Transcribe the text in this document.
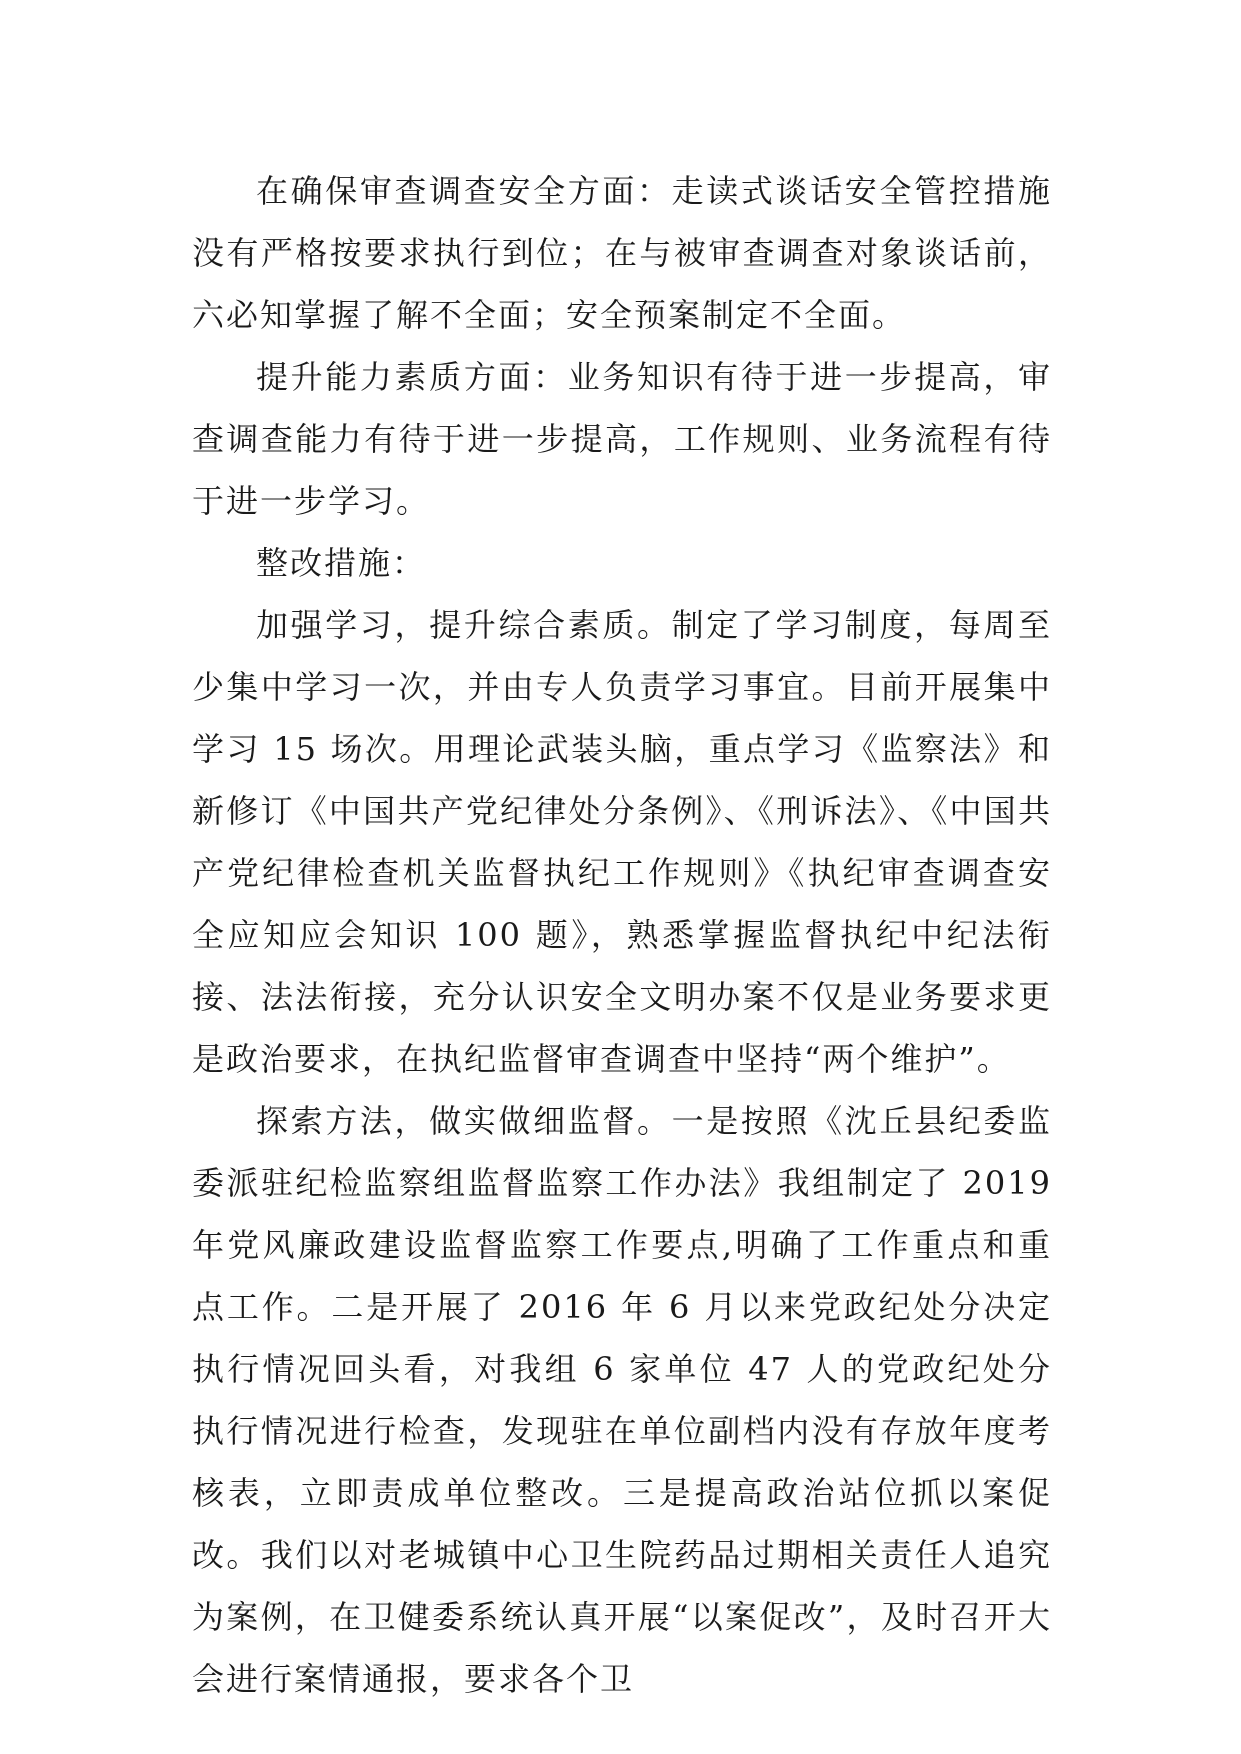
在确保审查调查安全方面：走读式谈话安全管控措施没有严格按要求执行到位；在与被审查调查对象谈话前，六必知掌握了解不全面；安全预案制定不全面。

提升能力素质方面：业务知识有待于进一步提高，审查调查能力有待于进一步提高，工作规则、业务流程有待于进一步学习。

整改措施：

加强学习，提升综合素质。制定了学习制度，每周至少集中学习一次，并由专人负责学习事宜。目前开展集中学习 15 场次。用理论武装头脑，重点学习《监察法》和新修订《中国共产党纪律处分条例》、《刑诉法》、《中国共产党纪律检查机关监督执纪工作规则》《执纪审查调查安全应知应会知识 100 题》，熟悉掌握监督执纪中纪法衔接、法法衔接，充分认识安全文明办案不仅是业务要求更是政治要求，在执纪监督审查调查中坚持“两个维护”。

探索方法，做实做细监督。一是按照《沈丘县纪委监委派驻纪检监察组监督监察工作办法》我组制定了 2019 年党风廉政建设监督监察工作要点,明确了工作重点和重点工作。二是开展了 2016 年 6 月以来党政纪处分决定执行情况回头看，对我组 6 家单位 47 人的党政纪处分执行情况进行检查，发现驻在单位副档内没有存放年度考核表，立即责成单位整改。三是提高政治站位抓以案促改。我们以对老城镇中心卫生院药品过期相关责任人追究为案例，在卫健委系统认真开展“以案促改”，及时召开大会进行案情通报，要求各个卫
